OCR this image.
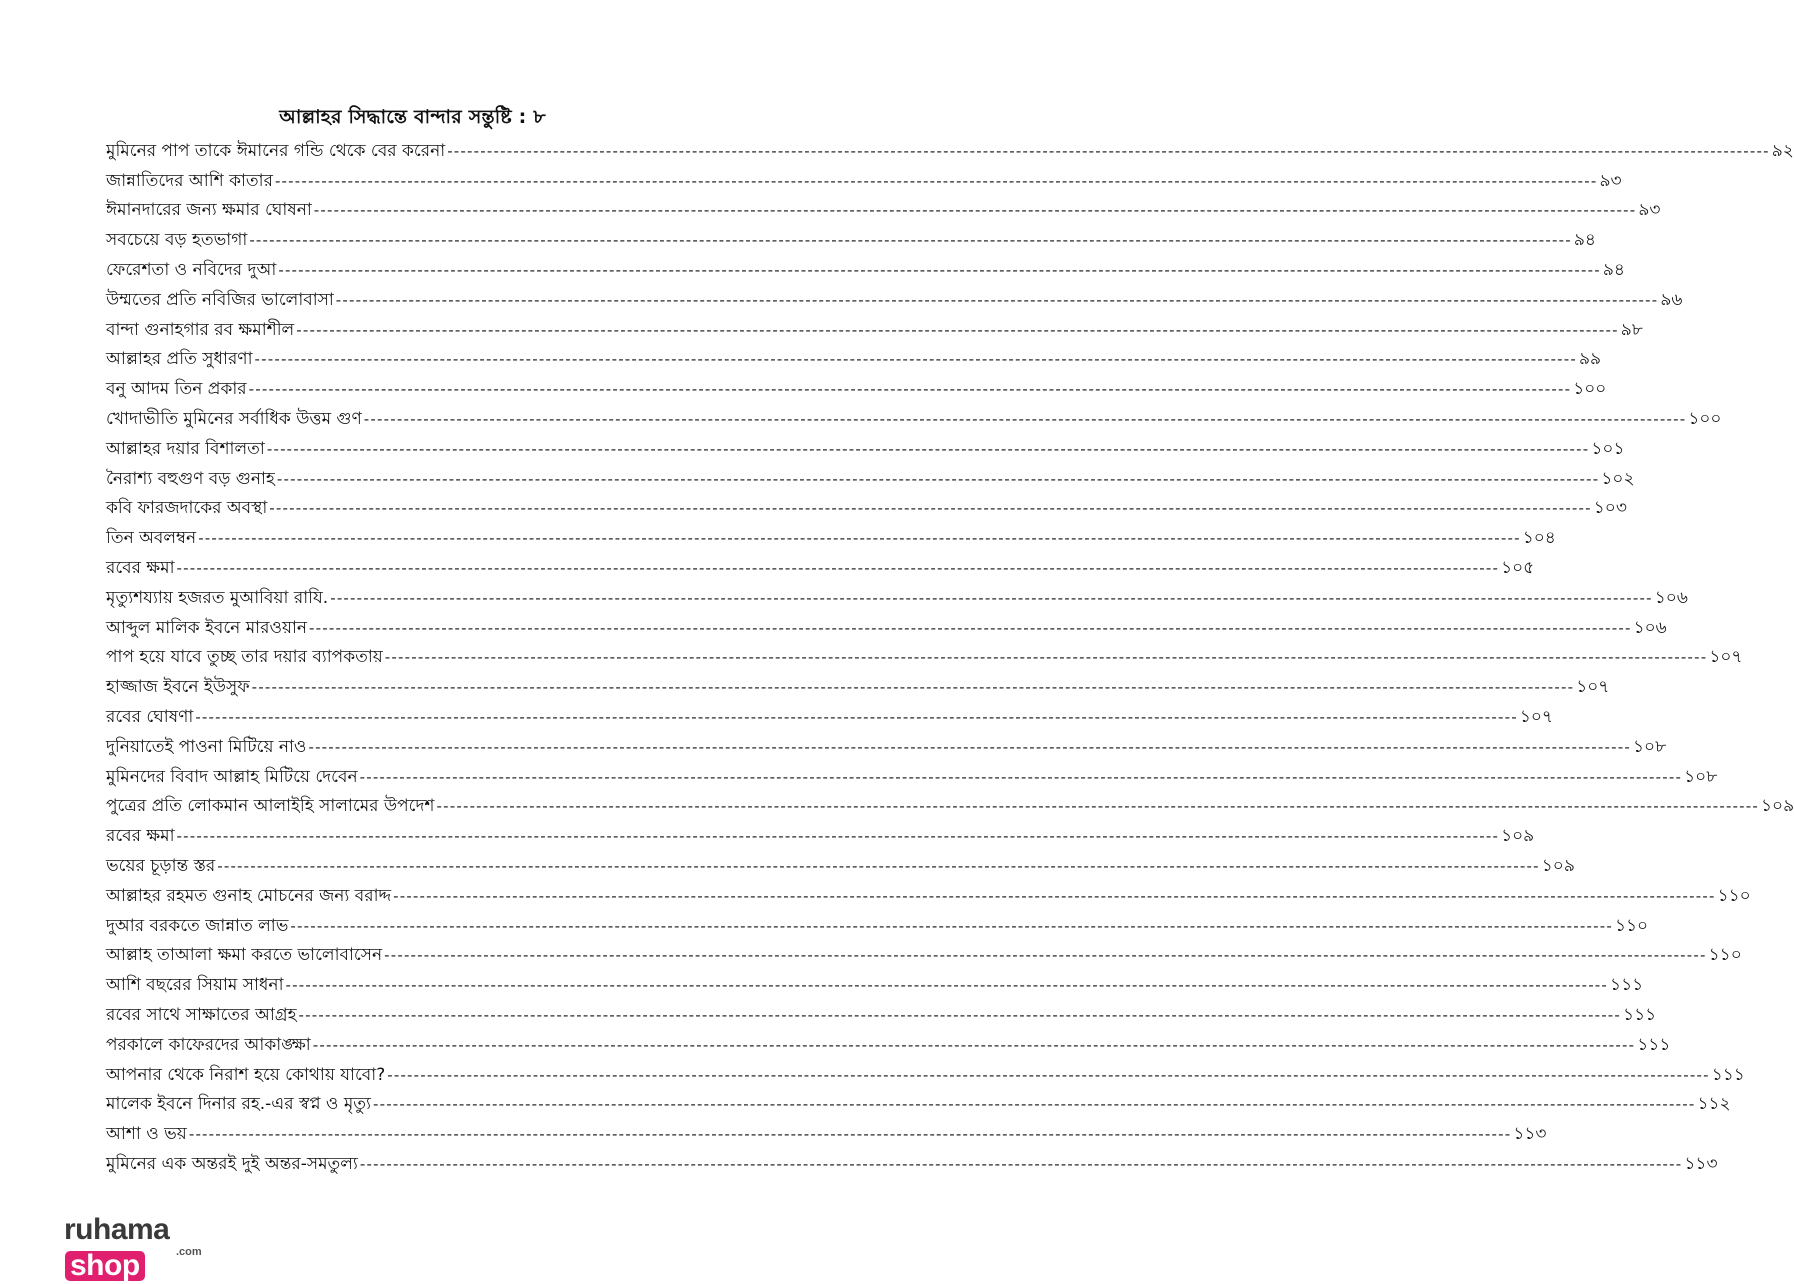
আল্লাহর সিদ্ধান্তে বান্দার সন্তুষ্টি : ৮
মুমিনের পাপ তাকে ঈমানের গন্ডি থেকে বের করেনা -------------------------------------------------------------------------------------------------------------------------------------------------------------------------------------------------------- ৯২
জান্নাতিদের আশি কাতার -------------------------------------------------------------------------------------------------------------------------------------------------------------------------------------------------------- ৯৩
ঈমানদারের জন্য ক্ষমার ঘোষনা -------------------------------------------------------------------------------------------------------------------------------------------------------------------------------------------------------- ৯৩
সবচেয়ে বড় হতভাগা -------------------------------------------------------------------------------------------------------------------------------------------------------------------------------------------------------- ৯৪
ফেরেশতা ও নবিদের দুআ -------------------------------------------------------------------------------------------------------------------------------------------------------------------------------------------------------- ৯৪
উম্মতের প্রতি নবিজির ভালোবাসা -------------------------------------------------------------------------------------------------------------------------------------------------------------------------------------------------------- ৯৬
বান্দা গুনাহগার রব ক্ষমাশীল -------------------------------------------------------------------------------------------------------------------------------------------------------------------------------------------------------- ৯৮
আল্লাহর প্রতি সুধারণা -------------------------------------------------------------------------------------------------------------------------------------------------------------------------------------------------------- ৯৯
বনু আদম তিন প্রকার -------------------------------------------------------------------------------------------------------------------------------------------------------------------------------------------------------- ১০০
খোদাভীতি মুমিনের সর্বাধিক উত্তম গুণ -------------------------------------------------------------------------------------------------------------------------------------------------------------------------------------------------------- ১০০
আল্লাহর দয়ার বিশালতা -------------------------------------------------------------------------------------------------------------------------------------------------------------------------------------------------------- ১০১
নৈরাশ্য বহুগুণ বড় গুনাহ -------------------------------------------------------------------------------------------------------------------------------------------------------------------------------------------------------- ১০২
কবি ফারজদাকের অবস্থা -------------------------------------------------------------------------------------------------------------------------------------------------------------------------------------------------------- ১০৩
তিন অবলম্বন -------------------------------------------------------------------------------------------------------------------------------------------------------------------------------------------------------- ১০৪
রবের ক্ষমা -------------------------------------------------------------------------------------------------------------------------------------------------------------------------------------------------------- ১০৫
মৃত্যুশয্যায় হজরত মুআবিয়া রাযি. -------------------------------------------------------------------------------------------------------------------------------------------------------------------------------------------------------- ১০৬
আব্দুল মালিক ইবনে মারওয়ান -------------------------------------------------------------------------------------------------------------------------------------------------------------------------------------------------------- ১০৬
পাপ হয়ে যাবে তুচ্ছ তার দয়ার ব্যাপকতায় -------------------------------------------------------------------------------------------------------------------------------------------------------------------------------------------------------- ১০৭
হাজ্জাজ ইবনে ইউসুফ -------------------------------------------------------------------------------------------------------------------------------------------------------------------------------------------------------- ১০৭
রবের ঘোষণা -------------------------------------------------------------------------------------------------------------------------------------------------------------------------------------------------------- ১০৭
দুনিয়াতেই পাওনা মিটিয়ে নাও -------------------------------------------------------------------------------------------------------------------------------------------------------------------------------------------------------- ১০৮
মুমিনদের বিবাদ আল্লাহ মিটিয়ে দেবেন -------------------------------------------------------------------------------------------------------------------------------------------------------------------------------------------------------- ১০৮
পুত্রের প্রতি লোকমান আলাইহি সালামের উপদেশ -------------------------------------------------------------------------------------------------------------------------------------------------------------------------------------------------------- ১০৯
রবের ক্ষমা -------------------------------------------------------------------------------------------------------------------------------------------------------------------------------------------------------- ১০৯
ভয়ের চূড়ান্ত স্তর -------------------------------------------------------------------------------------------------------------------------------------------------------------------------------------------------------- ১০৯
আল্লাহর রহমত গুনাহ মোচনের জন্য বরাদ্দ -------------------------------------------------------------------------------------------------------------------------------------------------------------------------------------------------------- ১১০
দুআর বরকতে জান্নাত লাভ -------------------------------------------------------------------------------------------------------------------------------------------------------------------------------------------------------- ১১০
আল্লাহ তাআলা ক্ষমা করতে ভালোবাসেন -------------------------------------------------------------------------------------------------------------------------------------------------------------------------------------------------------- ১১০
আশি বছরের সিয়াম সাধনা -------------------------------------------------------------------------------------------------------------------------------------------------------------------------------------------------------- ১১১
রবের সাথে সাক্ষাতের আগ্রহ -------------------------------------------------------------------------------------------------------------------------------------------------------------------------------------------------------- ১১১
পরকালে কাফেরদের আকাঙ্ক্ষা -------------------------------------------------------------------------------------------------------------------------------------------------------------------------------------------------------- ১১১
আপনার থেকে নিরাশ হয়ে কোথায় যাবো? -------------------------------------------------------------------------------------------------------------------------------------------------------------------------------------------------------- ১১১
মালেক ইবনে দিনার রহ.-এর স্বপ্ন ও মৃত্যু -------------------------------------------------------------------------------------------------------------------------------------------------------------------------------------------------------- ১১২
আশা ও ভয় -------------------------------------------------------------------------------------------------------------------------------------------------------------------------------------------------------- ১১৩
মুমিনের এক অন্তরই দুই অন্তর-সমতুল্য -------------------------------------------------------------------------------------------------------------------------------------------------------------------------------------------------------- ১১৩
ruhamashop	.com
